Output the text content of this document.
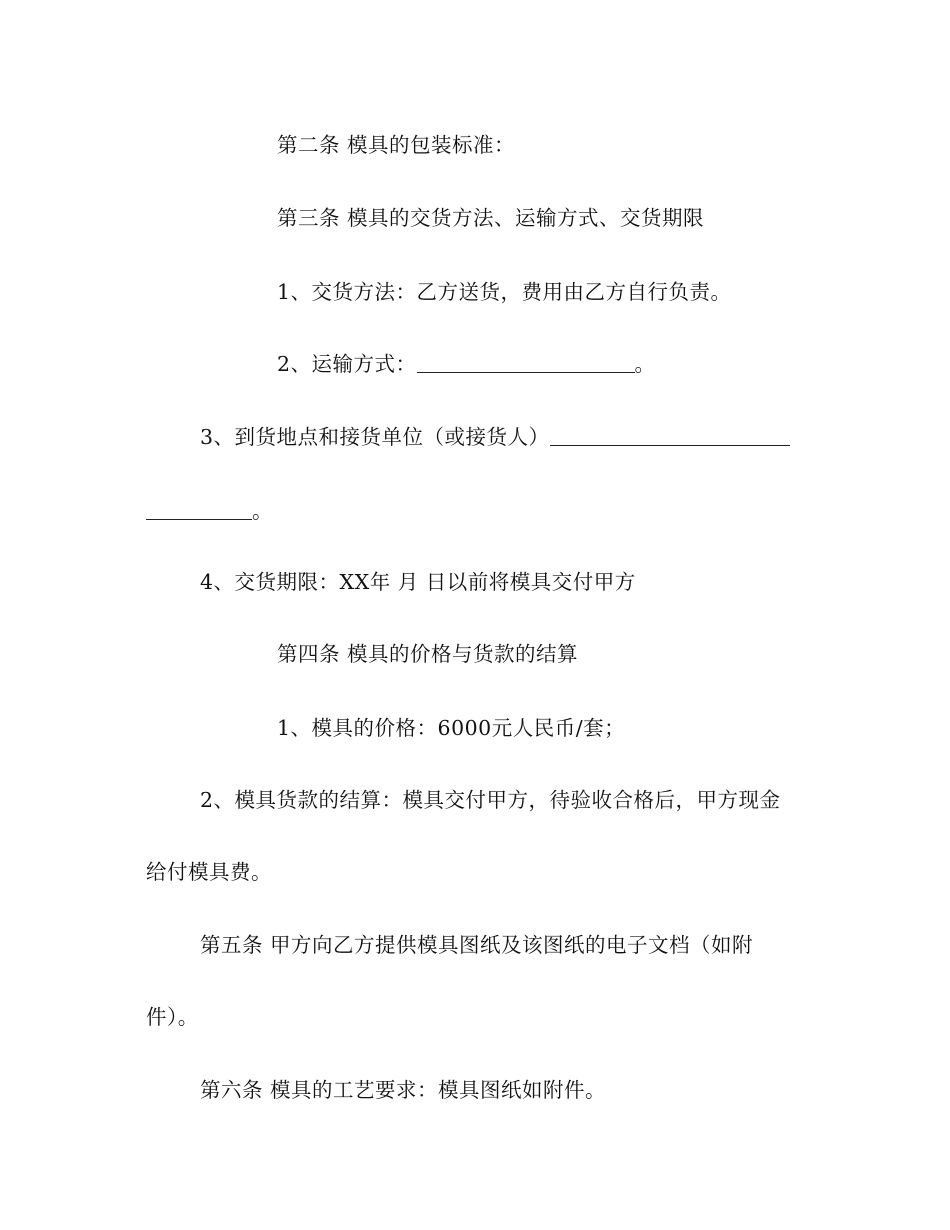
第二条 模具的包装标准：
第三条 模具的交货方法、运输方式、交货期限
1、交货方法：乙方送货，费用由乙方自行负责。
2、运输方式：	。
3、到货地点和接货单位（或接货人）
。
4、交货期限：XX年 月 日以前将模具交付甲方
第四条 模具的价格与货款的结算
1、模具的价格：6000元人民币/套；
2、模具货款的结算：模具交付甲方，待验收合格后，甲方现金
给付模具费。
第五条 甲方向乙方提供模具图纸及该图纸的电子文档（如附
件）。
第六条 模具的工艺要求：模具图纸如附件。
